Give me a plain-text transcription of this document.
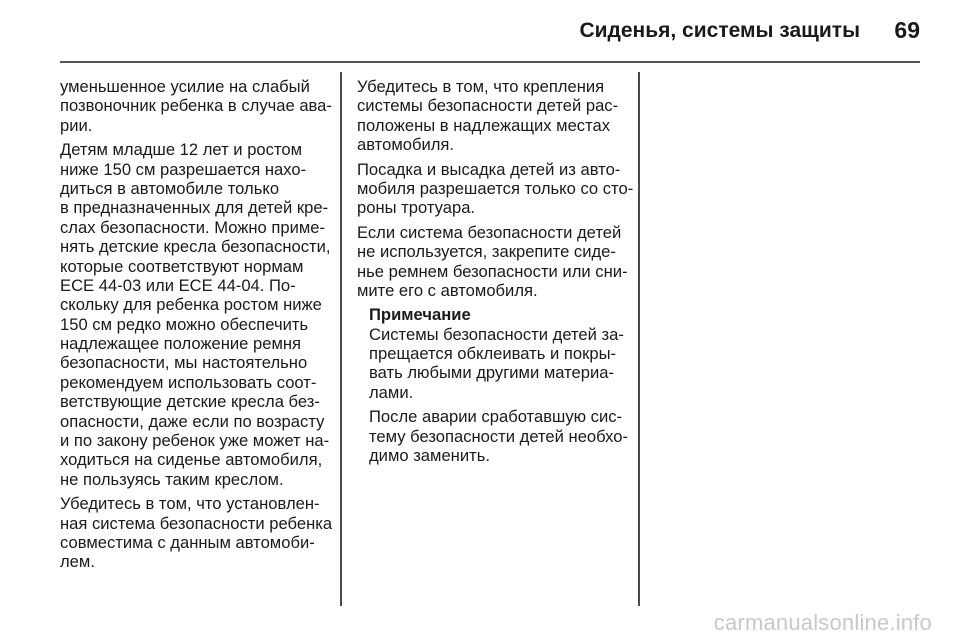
Сиденья, системы защиты 69
уменьшенное усилие на слабый
позвоночник ребенка в случае ава-
рии.
Детям младше 12 лет и ростом
ниже 150 см разрешается нахо-
диться в автомобиле только
в предназначенных для детей кре-
слах безопасности. Можно приме-
нять детские кресла безопасности,
которые соответствуют нормам
ECE 44-03 или ECE 44-04. По-
скольку для ребенка ростом ниже
150 см редко можно обеспечить
надлежащее положение ремня
безопасности, мы настоятельно
рекомендуем использовать соот-
ветствующие детские кресла без-
опасности, даже если по возрасту
и по закону ребенок уже может на-
ходиться на сиденье автомобиля,
не пользуясь таким креслом.
Убедитесь в том, что установлен-
ная система безопасности ребенка
совместима с данным автомоби-
лем.
Убедитесь в том, что крепления
системы безопасности детей рас-
положены в надлежащих местах
автомобиля.
Посадка и высадка детей из авто-
мобиля разрешается только со сто-
роны тротуара.
Если система безопасности детей
не используется, закрепите сиде-
нье ремнем безопасности или сни-
мите его с автомобиля.
Примечание
Системы безопасности детей за-
прещается обклеивать и покры-
вать любыми другими материа-
лами.
После аварии сработавшую сис-
тему безопасности детей необхо-
димо заменить.
carmanualsonline.info
